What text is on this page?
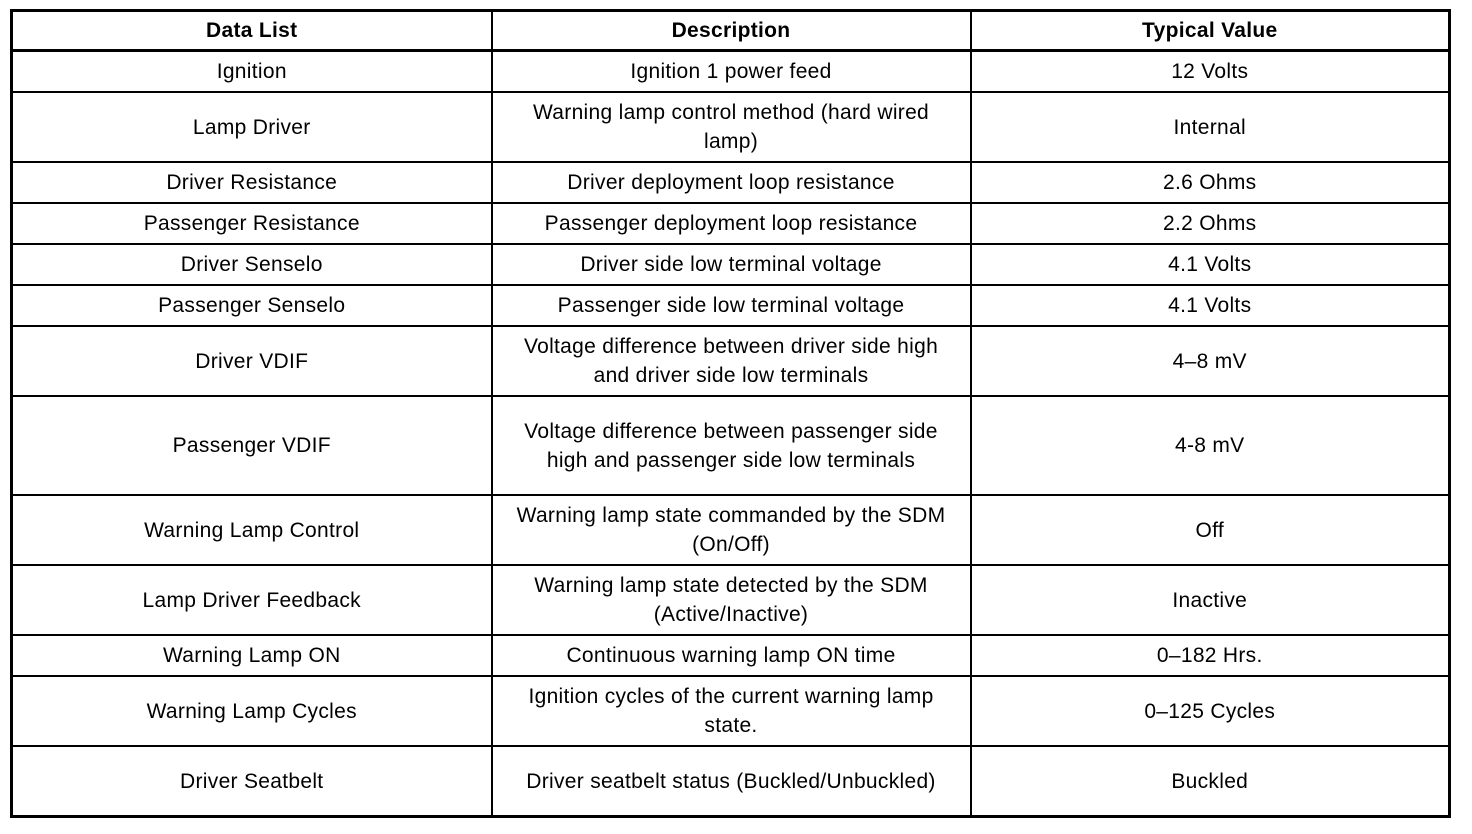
Data List	Description	Typical Value
Ignition	Ignition 1 power feed	12 Volts
Lamp Driver	Warning lamp control method (hard wired lamp)	Internal
Driver Resistance	Driver deployment loop resistance	2.6 Ohms
Passenger Resistance	Passenger deployment loop resistance	2.2 Ohms
Driver Senselo	Driver side low terminal voltage	4.1 Volts
Passenger Senselo	Passenger side low terminal voltage	4.1 Volts
Driver VDIF	Voltage difference between driver side high and driver side low terminals	4–8 mV
Passenger VDIF	Voltage difference between passenger side high and passenger side low terminals	4-8 mV
Warning Lamp Control	Warning lamp state commanded by the SDM (On/Off)	Off
Lamp Driver Feedback	Warning lamp state detected by the SDM (Active/Inactive)	Inactive
Warning Lamp ON	Continuous warning lamp ON time	0–182 Hrs.
Warning Lamp Cycles	Ignition cycles of the current warning lamp state.	0–125 Cycles
Driver Seatbelt	Driver seatbelt status (Buckled/Unbuckled)	Buckled
